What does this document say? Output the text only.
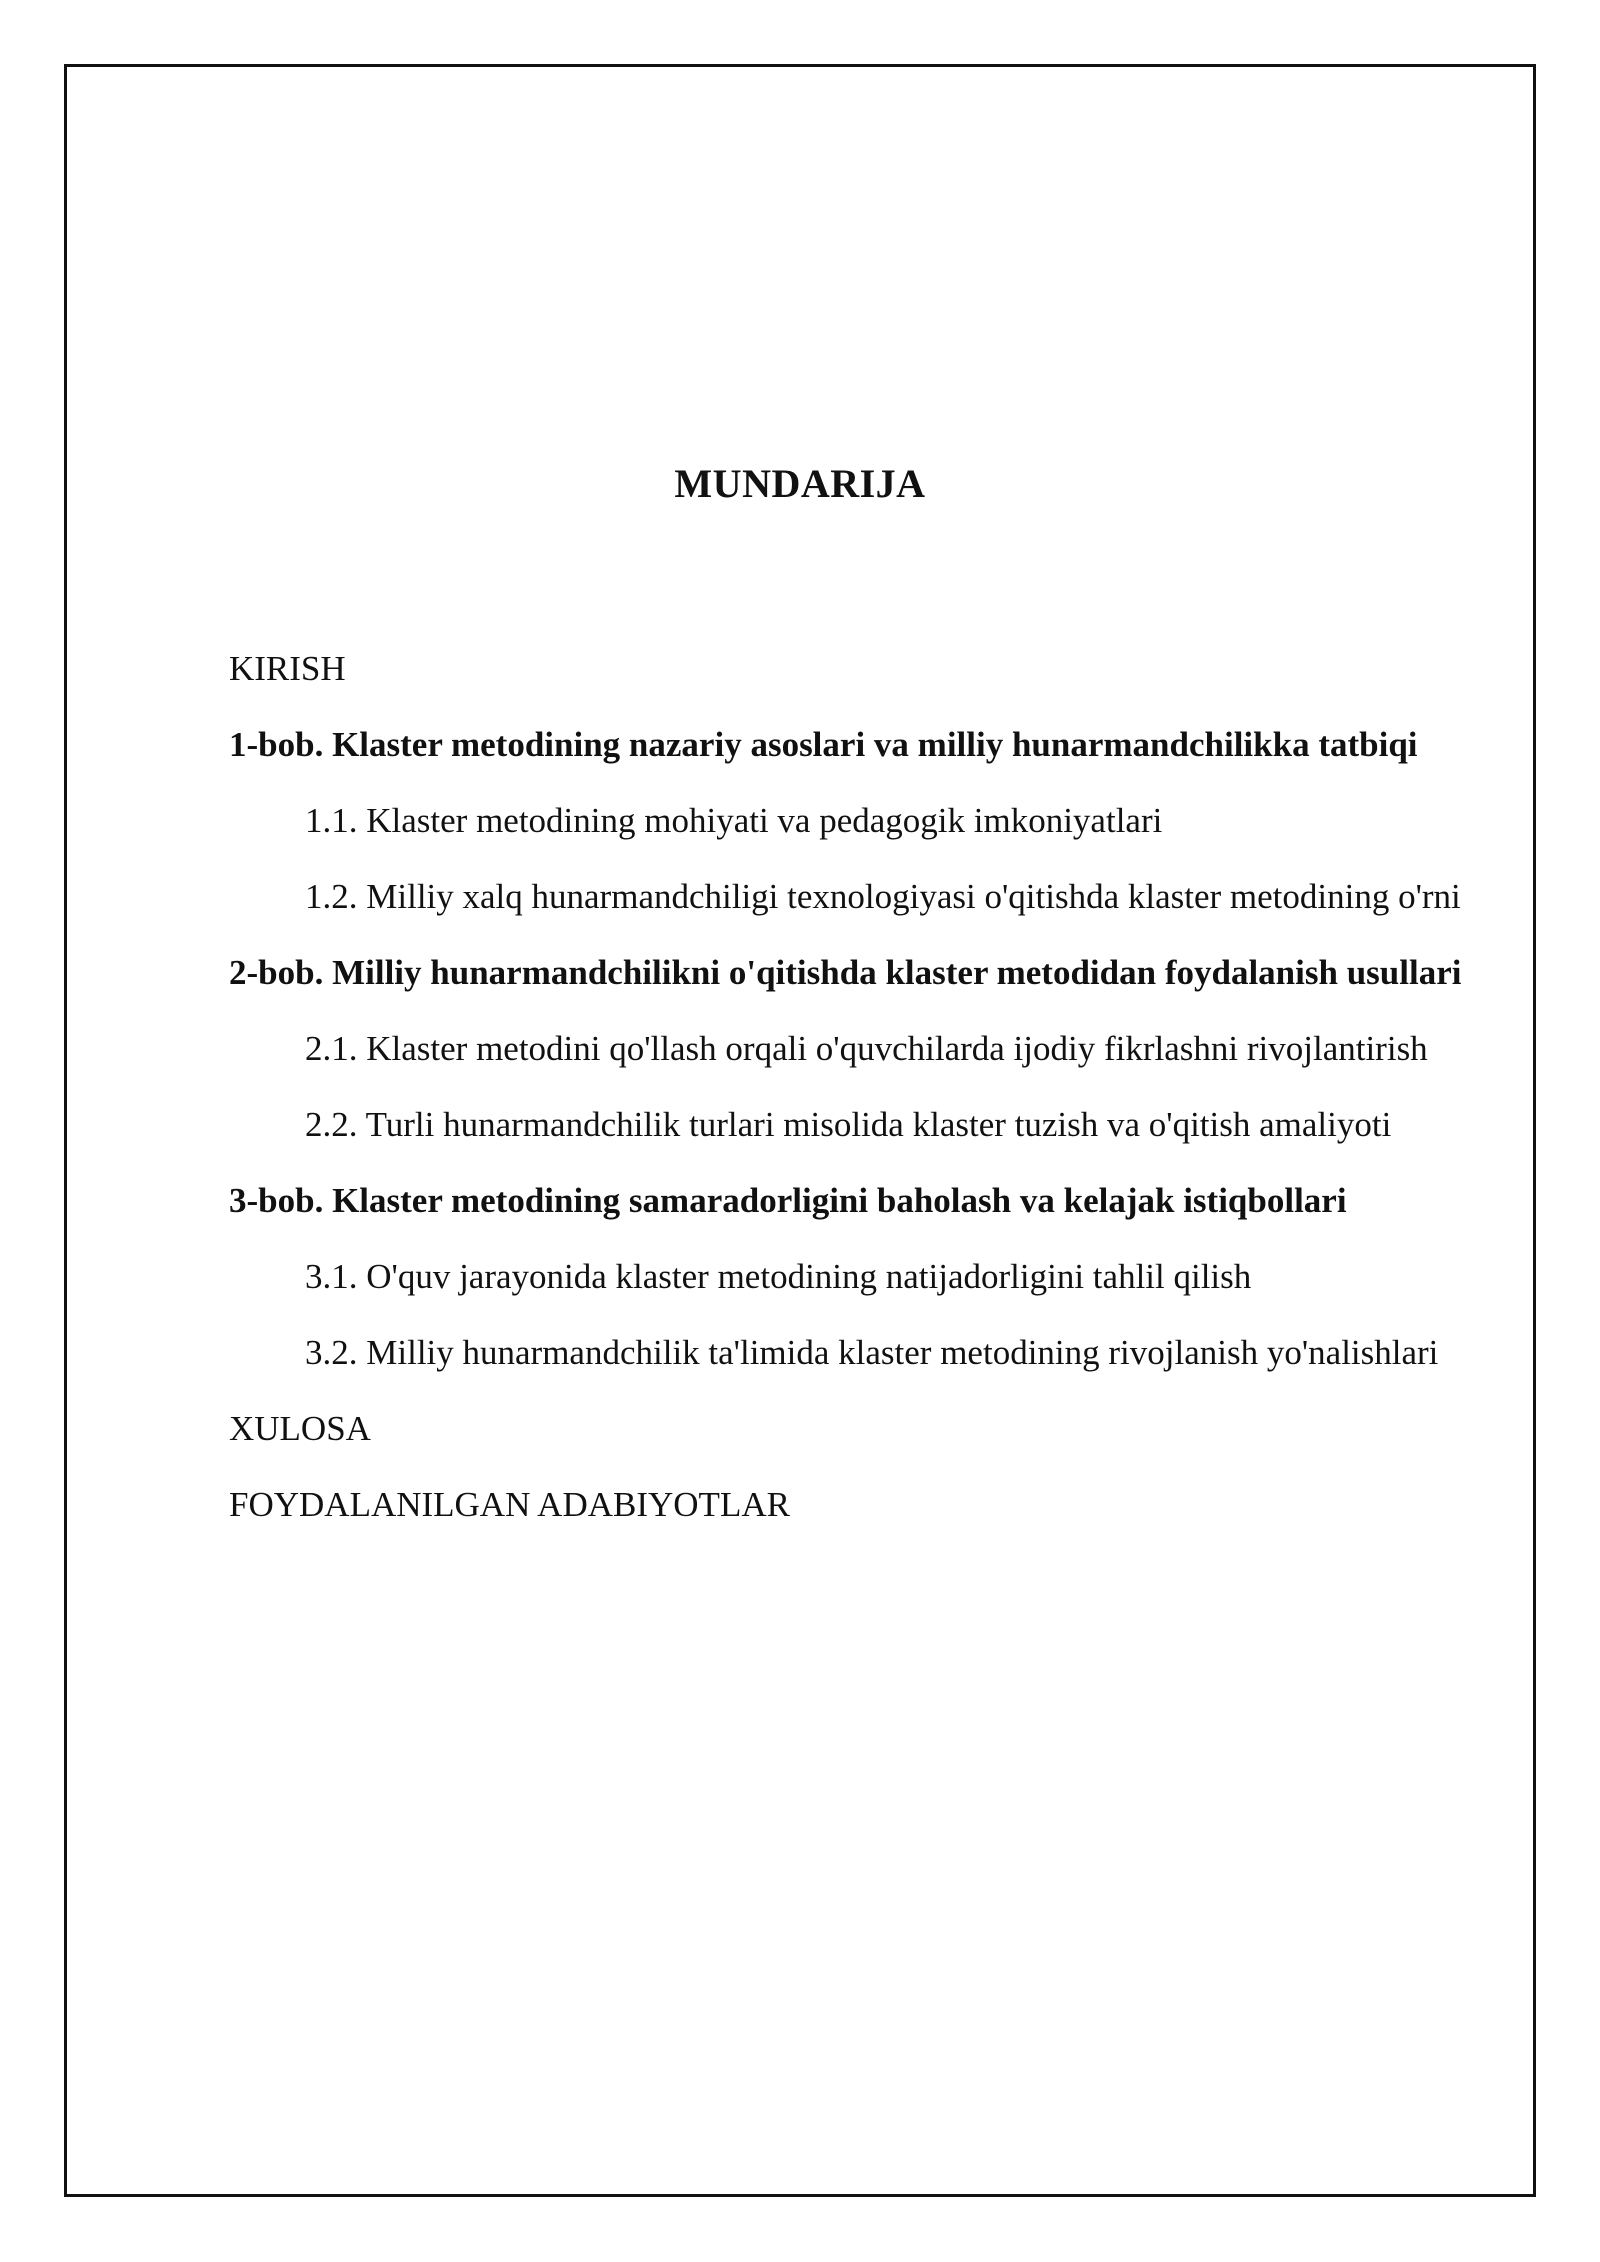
MUNDARIJA
KIRISH
1-bob. Klaster metodining nazariy asoslari va milliy hunarmandchilikka tatbiqi
1.1. Klaster metodining mohiyati va pedagogik imkoniyatlari
1.2. Milliy xalq hunarmandchiligi texnologiyasi o'qitishda klaster metodining o'rni
2-bob. Milliy hunarmandchilikni o'qitishda klaster metodidan foydalanish usullari
2.1. Klaster metodini qo'llash orqali o'quvchilarda ijodiy fikrlashni rivojlantirish
2.2. Turli hunarmandchilik turlari misolida klaster tuzish va o'qitish amaliyoti
3-bob. Klaster metodining samaradorligini baholash va kelajak istiqbollari
3.1. O'quv jarayonida klaster metodining natijadorligini tahlil qilish
3.2. Milliy hunarmandchilik ta'limida klaster metodining rivojlanish yo'nalishlari
XULOSA
FOYDALANILGAN ADABIYOTLAR
